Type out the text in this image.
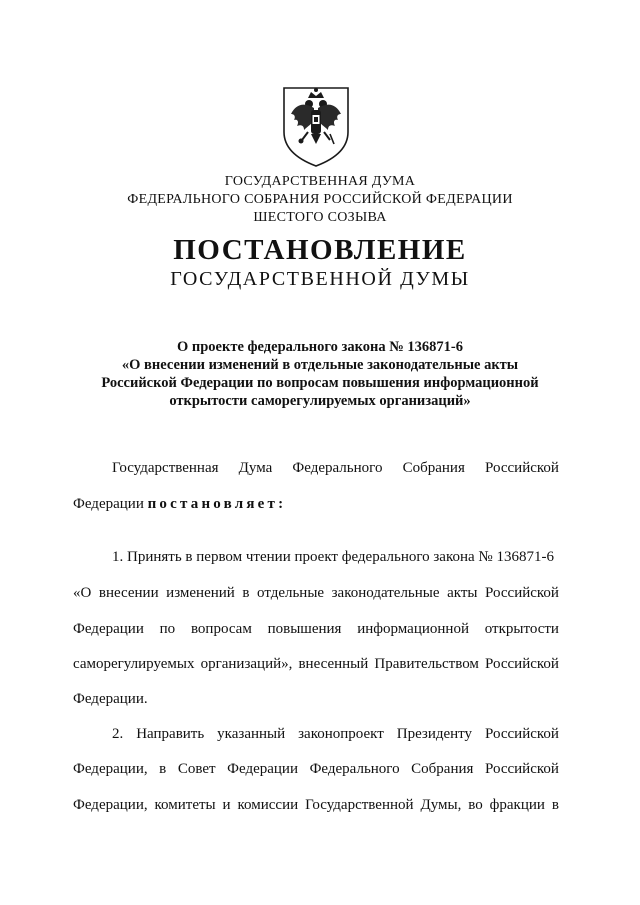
ГОСУДАРСТВЕННАЯ ДУМА
ФЕДЕРАЛЬНОГО СОБРАНИЯ РОССИЙСКОЙ ФЕДЕРАЦИИ
ШЕСТОГО СОЗЫВА
ПОСТАНОВЛЕНИЕ
ГОСУДАРСТВЕННОЙ ДУМЫ
О проекте федерального закона № 136871-6
«О внесении изменений в отдельные законодательные акты
Российской Федерации по вопросам повышения информационной
открытости саморегулируемых организаций»
Государственная Дума Федерального Собрания Российской
Федерации постановляет:
1. Принять в первом чтении проект федерального закона № 136871-6
«О внесении изменений в отдельные законодательные акты Российской
Федерации по вопросам повышения информационной открытости
саморегулируемых организаций», внесенный Правительством Российской
Федерации.
2. Направить указанный законопроект Президенту Российской
Федерации, в Совет Федерации Федерального Собрания Российской
Федерации, комитеты и комиссии Государственной Думы, во фракции в
